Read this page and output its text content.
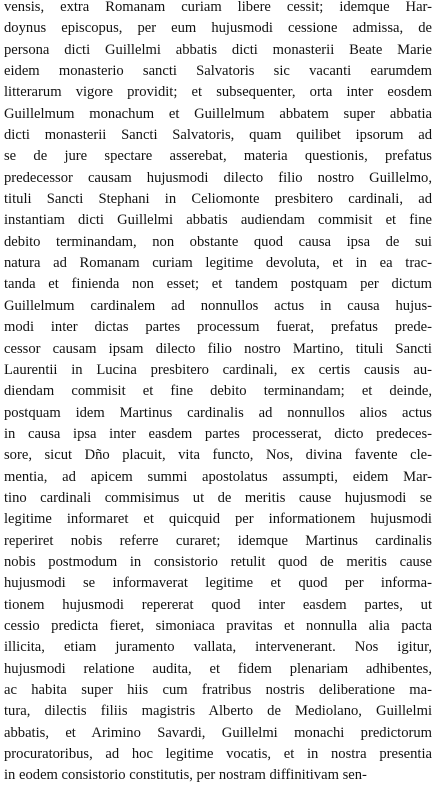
vensis, extra Romanam curiam libere cessit; idemque Har-
doynus episcopus, per eum hujusmodi cessione admissa, de
persona dicti Guillelmi abbatis dicti monasterii Beate Marie
eidem monasterio sancti Salvatoris sic vacanti earumdem
litterarum vigore providit; et subsequenter, orta inter eosdem
Guillelmum monachum et Guillelmum abbatem super abbatia
dicti monasterii Sancti Salvatoris, quam quilibet ipsorum ad
se de jure spectare asserebat, materia questionis, prefatus
predecessor causam hujusmodi dilecto filio nostro Guillelmo,
tituli Sancti Stephani in Celiomonte presbitero cardinali, ad
instantiam dicti Guillelmi abbatis audiendam commisit et fine
debito terminandam, non obstante quod causa ipsa de sui
natura ad Romanam curiam legitime devoluta, et in ea trac-
tanda et finienda non esset; et tandem postquam per dictum
Guillelmum cardinalem ad nonnullos actus in causa hujus-
modi inter dictas partes processum fuerat, prefatus prede-
cessor causam ipsam dilecto filio nostro Martino, tituli Sancti
Laurentii in Lucina presbitero cardinali, ex certis causis au-
diendam commisit et fine debito terminandam; et deinde,
postquam idem Martinus cardinalis ad nonnullos alios actus
in causa ipsa inter easdem partes processerat, dicto predeces-
sore, sicut Dño placuit, vita functo, Nos, divina favente cle-
mentia, ad apicem summi apostolatus assumpti, eidem Mar-
tino cardinali commisimus ut de meritis cause hujusmodi se
legitime informaret et quicquid per informationem hujusmodi
reperiret nobis referre curaret; idemque Martinus cardinalis
nobis postmodum in consistorio retulit quod de meritis cause
hujusmodi se informaverat legitime et quod per informa-
tionem hujusmodi repererat quod inter easdem partes, ut
cessio predicta fieret, simoniaca pravitas et nonnulla alia pacta
illicita, etiam juramento vallata, intervenerant. Nos igitur,
hujusmodi relatione audita, et fidem plenariam adhibentes,
ac habita super hiis cum fratribus nostris deliberatione ma-
tura, dilectis filiis magistris Alberto de Mediolano, Guillelmi
abbatis, et Arimino Savardi, Guillelmi monachi predictorum
procuratoribus, ad hoc legitime vocatis, et in nostra presentia
in eodem consistorio constitutis, per nostram diffinitivam sen-
